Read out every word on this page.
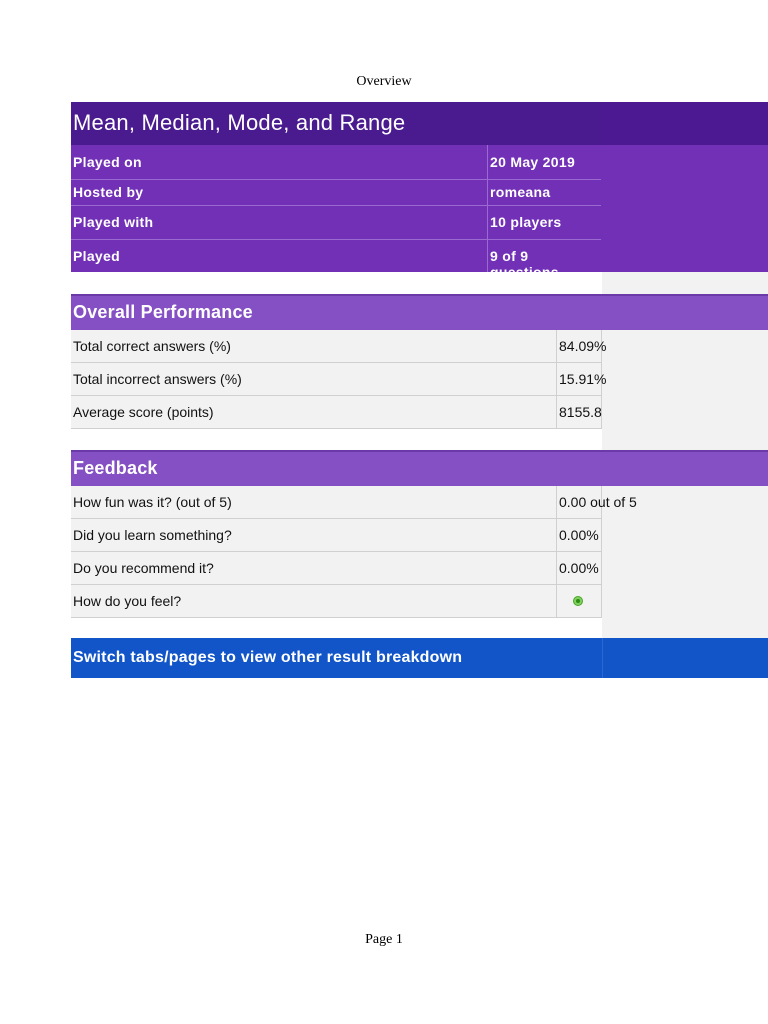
Overview
Mean, Median, Mode, and Range
Played on	20 May 2019
Hosted by	romeana
Played with	10 players
Played	9 of 9
Overall Performance
Total correct answers (%)	84.09%
Total incorrect answers (%)	15.91%
Average score (points)	8155.8
Feedback
How fun was it? (out of 5)	0.00 out of 5
Did you learn something?	0.00%
Do you recommend it?	0.00%
How do you feel?
Switch tabs/pages to view other result breakdown
Page 1
